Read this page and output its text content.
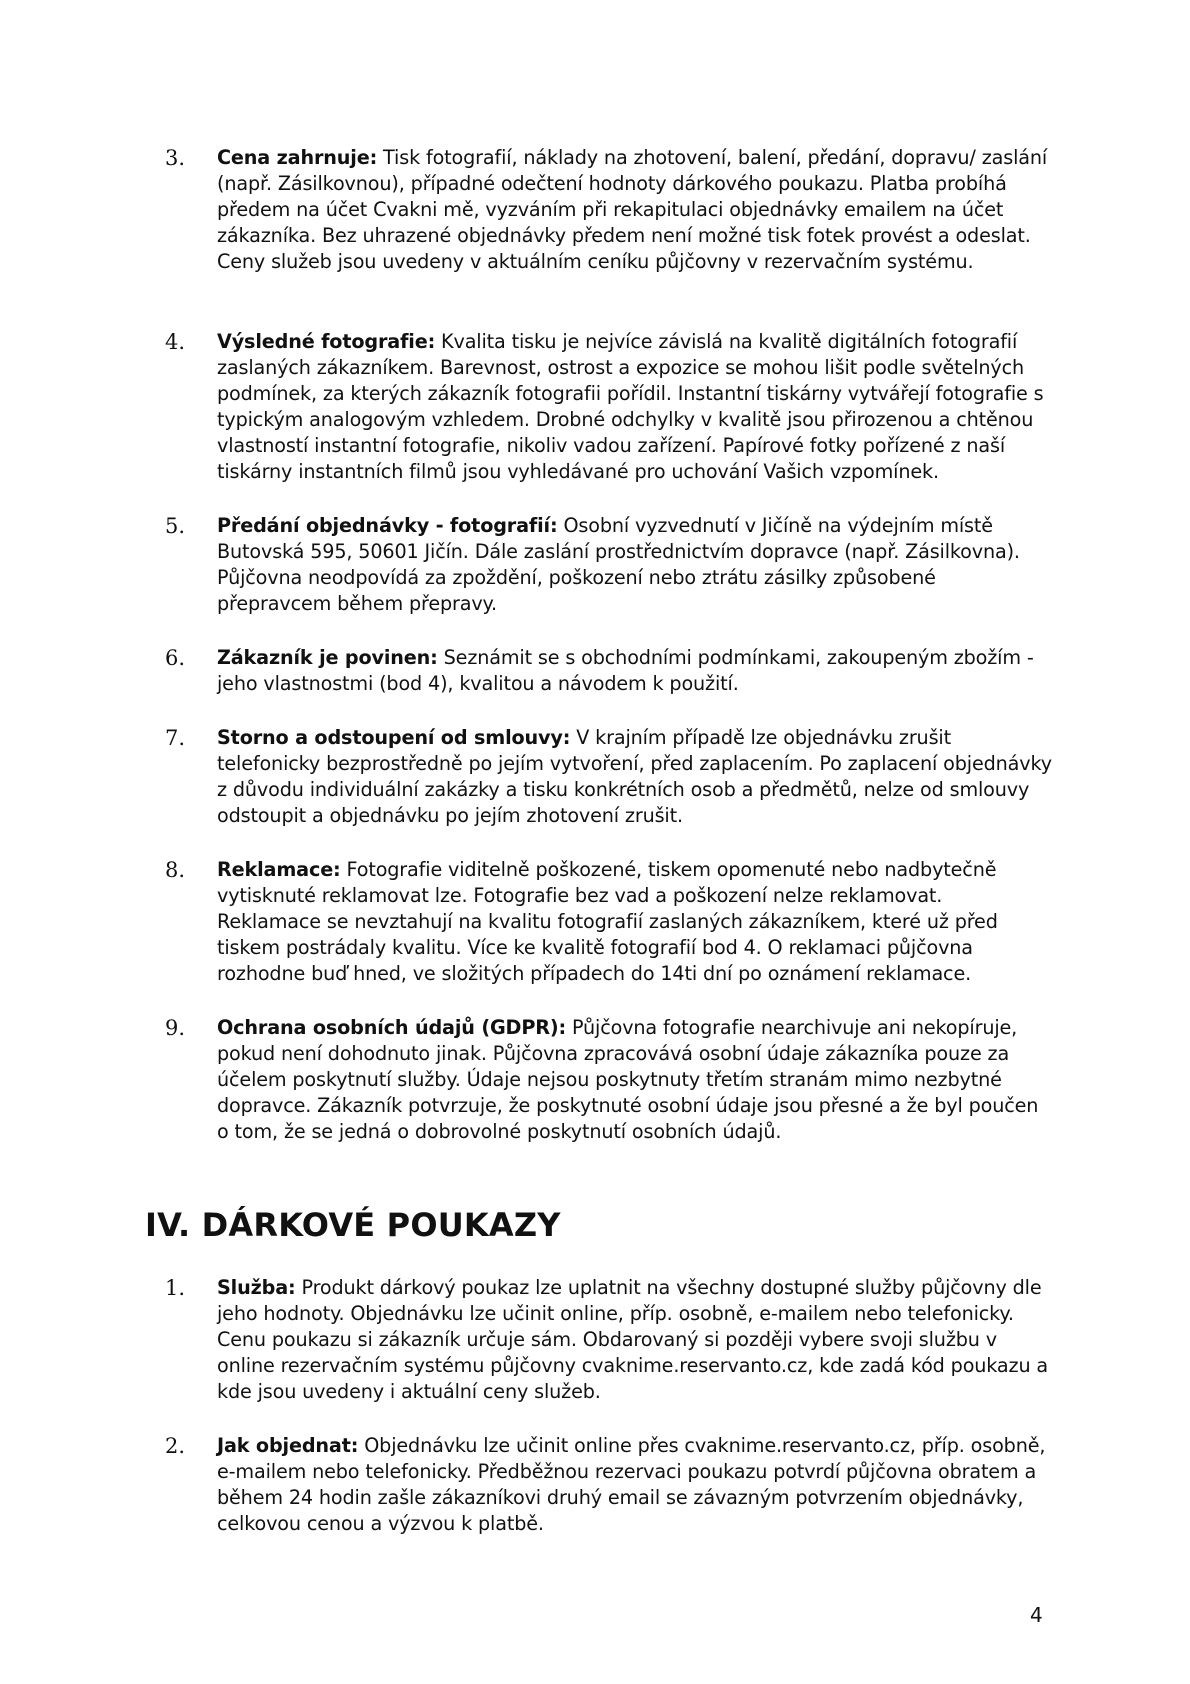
3.	Cena zahrnuje: Tisk fotografií, náklady na zhotovení, balení, předání, dopravu/ zaslání (např. Zásilkovnou), případné odečtení hodnoty dárkového poukazu. Platba probíhá předem na účet Cvakni mě, vyzváním při rekapitulaci objednávky emailem na účet zákazníka. Bez uhrazené objednávky předem není možné tisk fotek provést a odeslat. Ceny služeb jsou uvedeny v aktuálním ceníku půjčovny v rezervačním systému.
4.	Výsledné fotografie: Kvalita tisku je nejvíce závislá na kvalitě digitálních fotografií zaslaných zákazníkem. Barevnost, ostrost a expozice se mohou lišit podle světelných podmínek, za kterých zákazník fotografii pořídil. Instantní tiskárny vytvářejí fotografie s typickým analogovým vzhledem. Drobné odchylky v kvalitě jsou přirozenou a chtěnou vlastností instantní fotografie, nikoliv vadou zařízení. Papírové fotky pořízené z naší tiskárny instantních filmů jsou vyhledávané pro uchování Vašich vzpomínek.
5.	Předání objednávky - fotografií: Osobní vyzvednutí v Jičíně na výdejním místě Butovská 595, 50601 Jičín. Dále zaslání prostřednictvím dopravce (např. Zásilkovna). Půjčovna neodpovídá za zpoždění, poškození nebo ztrátu zásilky způsobené přepravcem během přepravy.
6.	Zákazník je povinen: Seznámit se s obchodními podmínkami, zakoupeným zbožím - jeho vlastnostmi (bod 4), kvalitou a návodem k použití.
7.	Storno a odstoupení od smlouvy: V krajním případě lze objednávku zrušit telefonicky bezprostředně po jejím vytvoření, před zaplacením. Po zaplacení objednávky z důvodu individuální zakázky a tisku konkrétních osob a předmětů, nelze od smlouvy odstoupit a objednávku po jejím zhotovení zrušit.
8.	Reklamace: Fotografie viditelně poškozené, tiskem opomenuté nebo nadbytečně vytisknuté reklamovat lze. Fotografie bez vad a poškození nelze reklamovat. Reklamace se nevztahují na kvalitu fotografií zaslaných zákazníkem, které už před tiskem postrádaly kvalitu. Více ke kvalitě fotografií bod 4. O reklamaci půjčovna rozhodne buď hned, ve složitých případech do 14ti dní po oznámení reklamace.
9.	Ochrana osobních údajů (GDPR): Půjčovna fotografie nearchivuje ani nekopíruje, pokud není dohodnuto jinak. Půjčovna zpracovává osobní údaje zákazníka pouze za účelem poskytnutí služby. Údaje nejsou poskytnuty třetím stranám mimo nezbytné dopravce. Zákazník potvrzuje, že poskytnuté osobní údaje jsou přesné a že byl poučen o tom, že se jedná o dobrovolné poskytnutí osobních údajů.
IV. DÁRKOVÉ POUKAZY
1.	Služba: Produkt dárkový poukaz lze uplatnit na všechny dostupné služby půjčovny dle jeho hodnoty. Objednávku lze učinit online, příp. osobně, e-mailem nebo telefonicky. Cenu poukazu si zákazník určuje sám. Obdarovaný si později vybere svoji službu v online rezervačním systému půjčovny cvaknime.reservanto.cz, kde zadá kód poukazu a kde jsou uvedeny i aktuální ceny služeb.
2.	Jak objednat: Objednávku lze učinit online přes cvaknime.reservanto.cz, příp. osobně, e-mailem nebo telefonicky. Předběžnou rezervaci poukazu potvrdí půjčovna obratem a během 24 hodin zašle zákazníkovi druhý email se závazným potvrzením objednávky, celkovou cenou a výzvou k platbě.
4
